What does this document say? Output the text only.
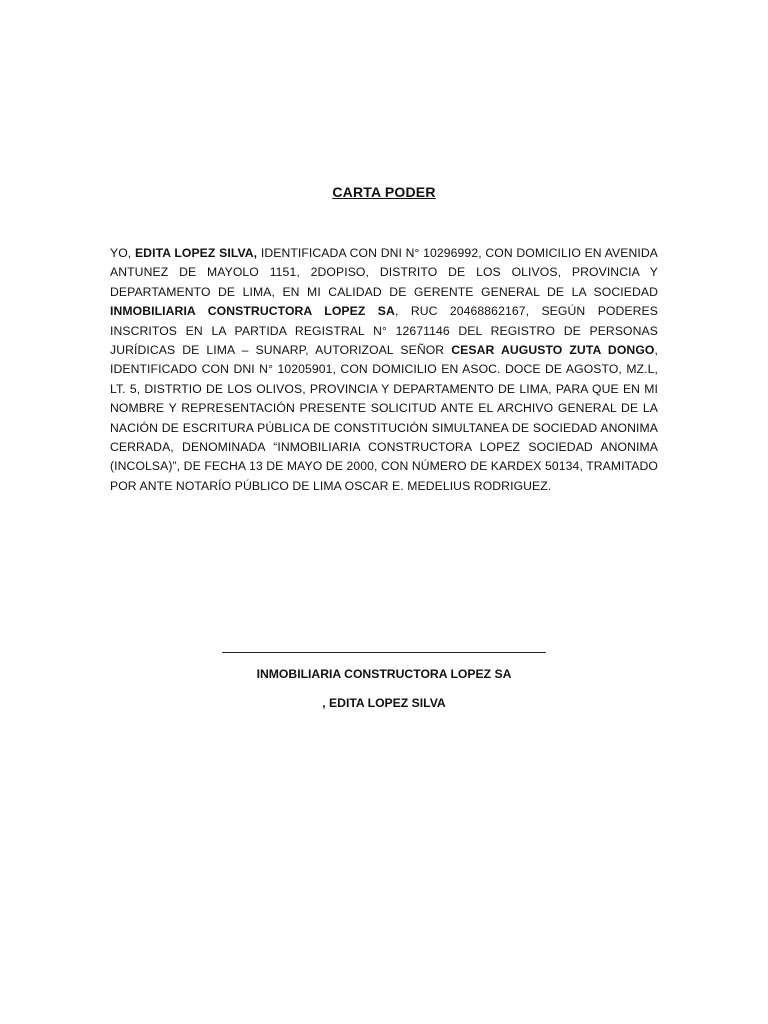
CARTA PODER
YO, EDITA LOPEZ SILVA, IDENTIFICADA CON DNI N° 10296992, CON DOMICILIO EN AVENIDA ANTUNEZ DE MAYOLO 1151, 2DOPISO, DISTRITO DE LOS OLIVOS, PROVINCIA Y DEPARTAMENTO DE LIMA, EN MI CALIDAD DE GERENTE GENERAL DE LA SOCIEDAD INMOBILIARIA CONSTRUCTORA LOPEZ SA, RUC 20468862167, SEGÚN PODERES INSCRITOS EN LA PARTIDA REGISTRAL N° 12671146 DEL REGISTRO DE PERSONAS JURÍDICAS DE LIMA – SUNARP, AUTORIZOAL SEÑOR CESAR AUGUSTO ZUTA DONGO, IDENTIFICADO CON DNI N° 10205901, CON DOMICILIO EN ASOC. DOCE DE AGOSTO, MZ.L, LT. 5, DISTRTIO DE LOS OLIVOS, PROVINCIA Y DEPARTAMENTO DE LIMA, PARA QUE EN MI NOMBRE Y REPRESENTACIÓN PRESENTE SOLICITUD ANTE EL ARCHIVO GENERAL DE LA NACIÓN DE ESCRITURA PÚBLICA DE CONSTITUCIÓN SIMULTANEA DE SOCIEDAD ANONIMA CERRADA, DENOMINADA “INMOBILIARIA CONSTRUCTORA LOPEZ SOCIEDAD ANONIMA (INCOLSA)”, DE FECHA 13 DE MAYO DE 2000, CON NÚMERO DE KARDEX 50134, TRAMITADO POR ANTE NOTARÍO PÚBLICO DE LIMA OSCAR E. MEDELIUS RODRIGUEZ.
INMOBILIARIA CONSTRUCTORA LOPEZ SA
, EDITA LOPEZ SILVA
